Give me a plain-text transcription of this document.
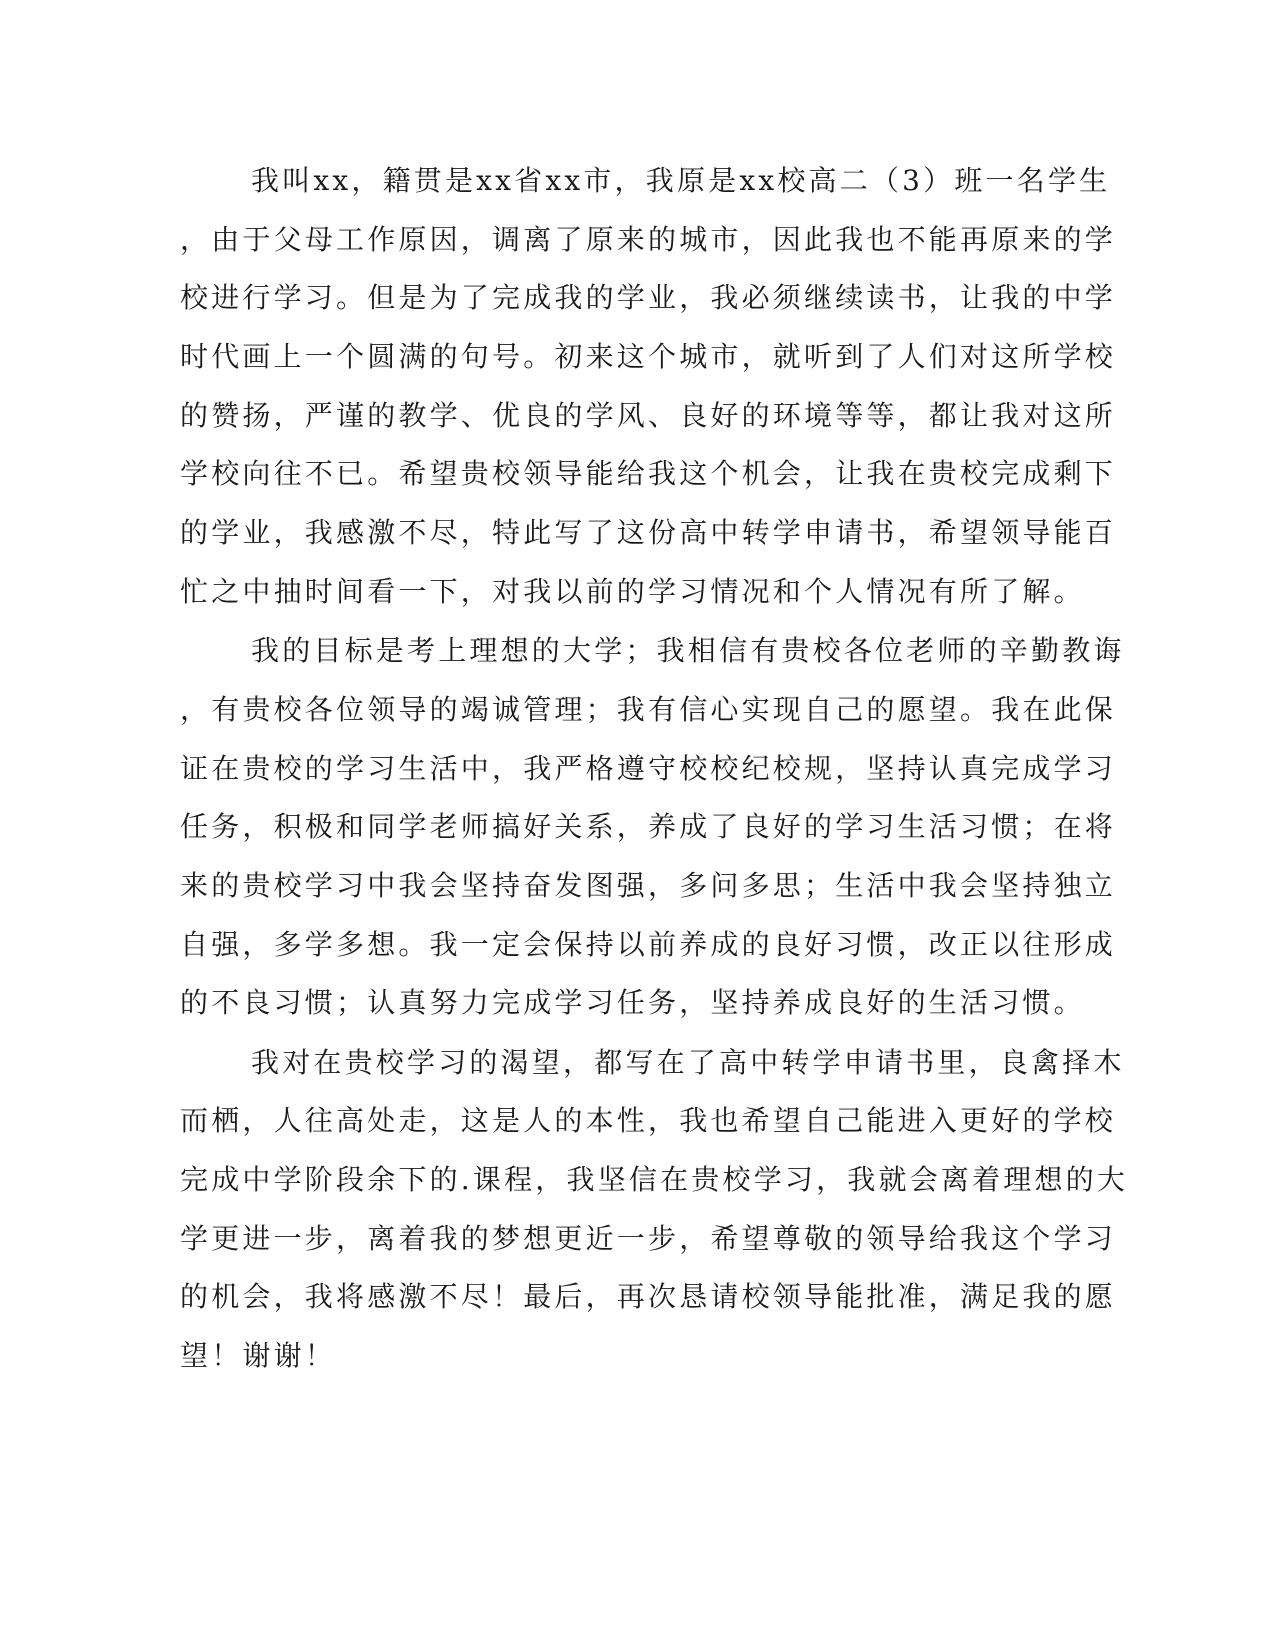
我叫xx，籍贯是xx省xx市，我原是xx校高二（3）班一名学生
，由于父母工作原因，调离了原来的城市，因此我也不能再原来的学
校进行学习。但是为了完成我的学业，我必须继续读书，让我的中学
时代画上一个圆满的句号。初来这个城市，就听到了人们对这所学校
的赞扬，严谨的教学、优良的学风、良好的环境等等，都让我对这所
学校向往不已。希望贵校领导能给我这个机会，让我在贵校完成剩下
的学业，我感激不尽，特此写了这份高中转学申请书，希望领导能百
忙之中抽时间看一下，对我以前的学习情况和个人情况有所了解。
我的目标是考上理想的大学；我相信有贵校各位老师的辛勤教诲
，有贵校各位领导的竭诚管理；我有信心实现自己的愿望。我在此保
证在贵校的学习生活中，我严格遵守校校纪校规，坚持认真完成学习
任务，积极和同学老师搞好关系，养成了良好的学习生活习惯；在将
来的贵校学习中我会坚持奋发图强，多问多思；生活中我会坚持独立
自强，多学多想。我一定会保持以前养成的良好习惯，改正以往形成
的不良习惯；认真努力完成学习任务，坚持养成良好的生活习惯。
我对在贵校学习的渴望，都写在了高中转学申请书里，良禽择木
而栖，人往高处走，这是人的本性，我也希望自己能进入更好的学校
完成中学阶段余下的.课程，我坚信在贵校学习，我就会离着理想的大
学更进一步，离着我的梦想更近一步，希望尊敬的领导给我这个学习
的机会，我将感激不尽！最后，再次恳请校领导能批准，满足我的愿
望！谢谢！
